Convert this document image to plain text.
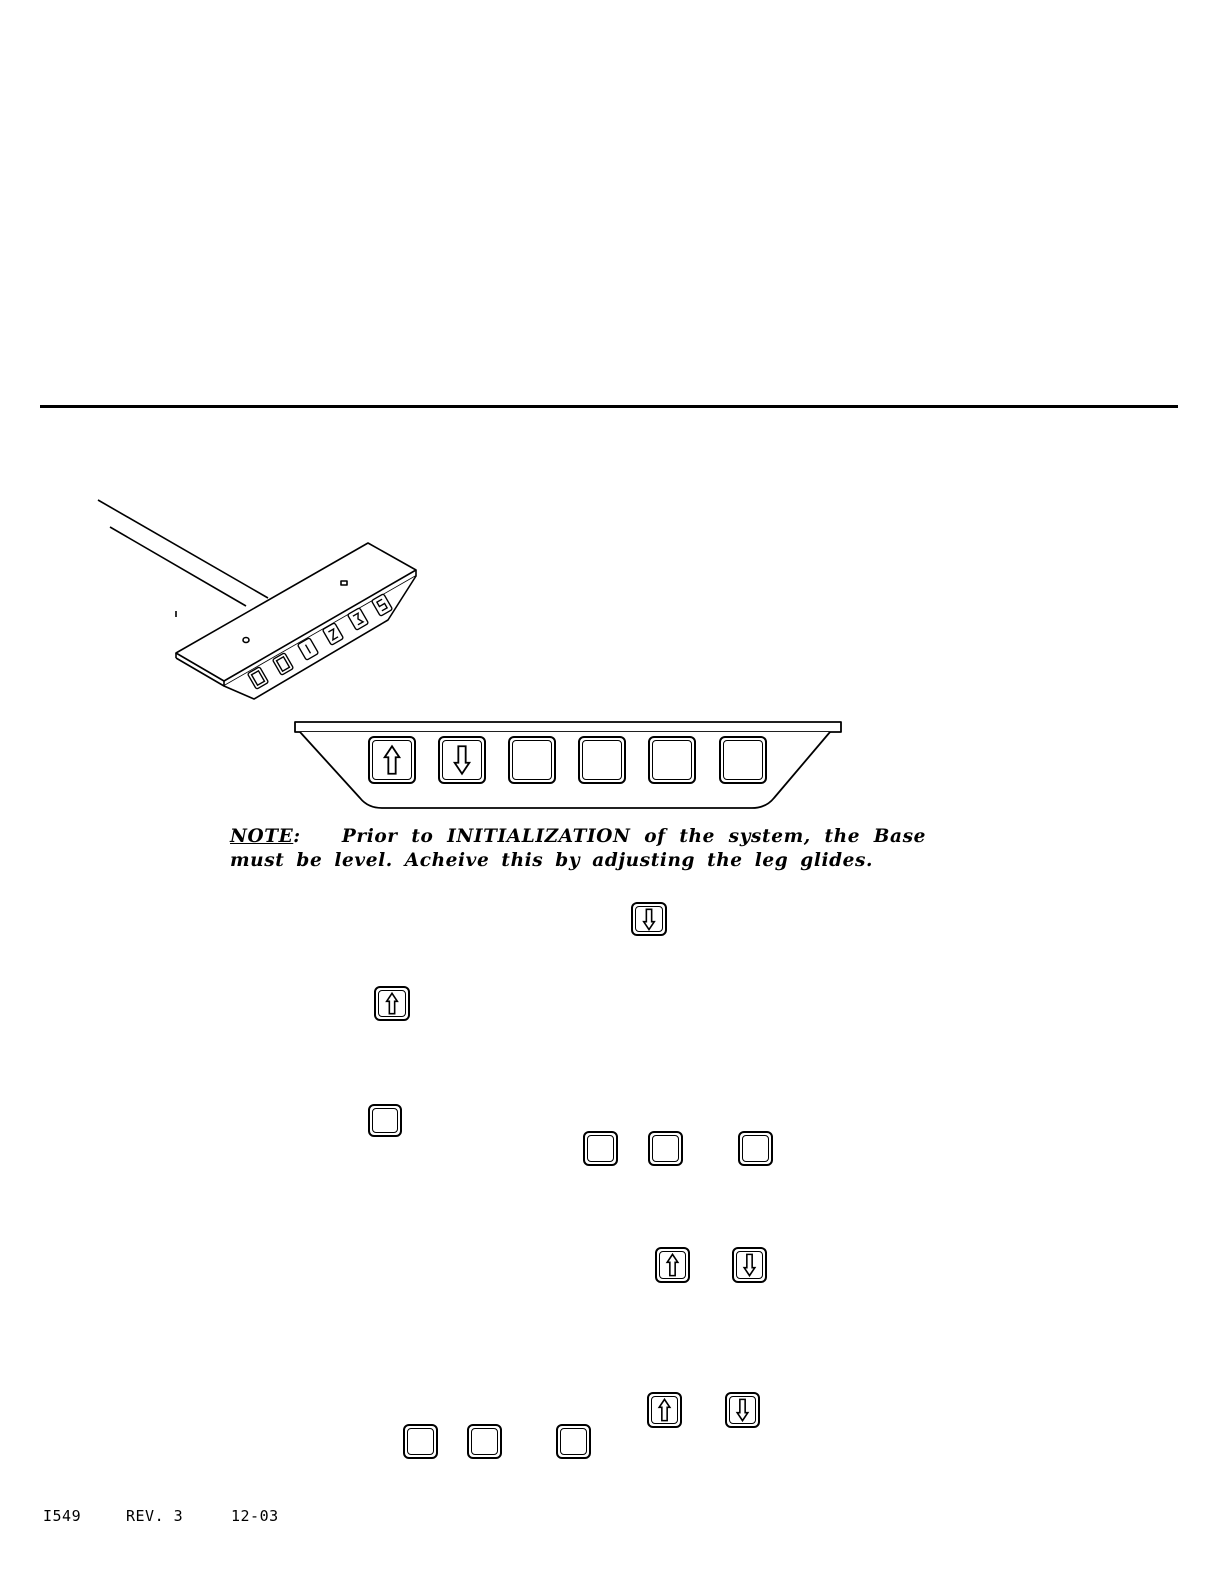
NOTE:   Prior to INITIALIZATION of the system, the Base must be level. Acheive this by adjusting the leg glides.
I549	REV. 3	12-03
